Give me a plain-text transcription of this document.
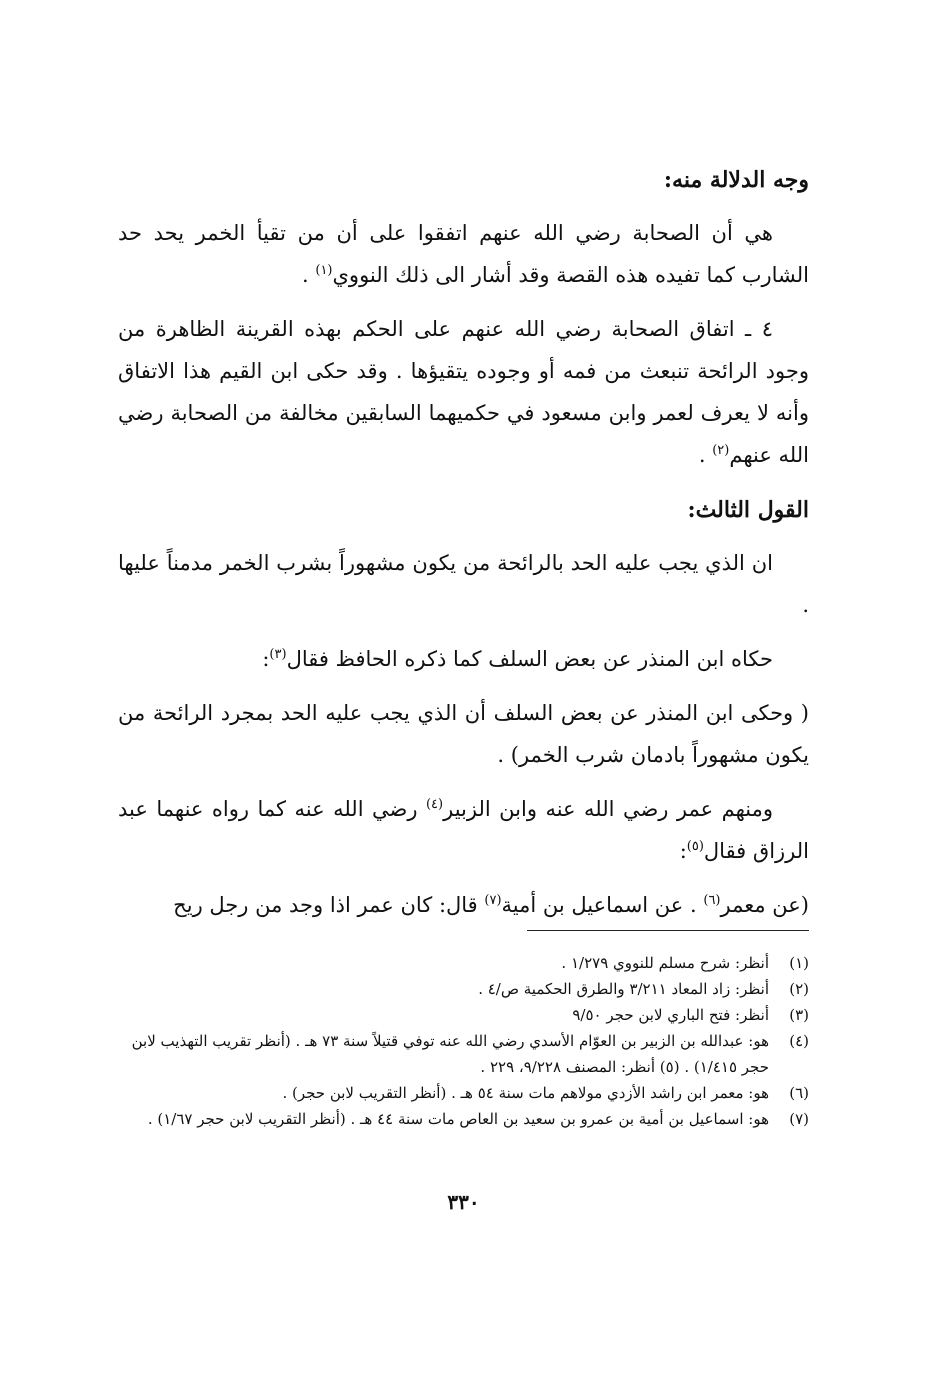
وجه الدلالة منه:

هي أن الصحابة رضي الله عنهم اتفقوا على أن من تقيأ الخمر يحد حد الشارب كما تفيده هذه القصة وقد أشار الى ذلك النووي$^{(١)}$ .

٤ ـ اتفاق الصحابة رضي الله عنهم على الحكم بهذه القرينة الظاهرة من وجود الرائحة تنبعث من فمه أو وجوده يتقيؤها . وقد حكى ابن القيم هذا الاتفاق وأنه لا يعرف لعمر وابن مسعود في حكميهما السابقين مخالفة من الصحابة رضي الله عنهم$^{(٢)}$ .

القول الثالث:

ان الذي يجب عليه الحد بالرائحة من يكون مشهوراً بشرب الخمر مدمناً عليها .

حكاه ابن المنذر عن بعض السلف كما ذكره الحافظ فقال$^{(٣)}$:

( وحكى ابن المنذر عن بعض السلف أن الذي يجب عليه الحد بمجرد الرائحة من يكون مشهوراً بادمان شرب الخمر) .

ومنهم عمر رضي الله عنه وابن الزبير$^{(٤)}$ رضي الله عنه كما رواه عنهما عبد الرزاق فقال$^{(٥)}$:

(عن معمر$^{(٦)}$ . عن اسماعيل بن أمية$^{(٧)}$ قال: كان عمر اذا وجد من رجل ريح

(١)
أنظر: شرح مسلم للنووي ١/٢٧٩ .
(٢)
أنظر: زاد المعاد ٣/٢١١ والطرق الحكمية ص/٤ .
(٣)
أنظر: فتح الباري لابن حجر ٩/٥٠
(٤)
هو: عبدالله بن الزبير بن العوّام الأسدي رضي الله عنه توفي قتيلاً سنة ٧٣ هـ . (أنظر تقريب التهذيب لابن حجر ١/٤١٥) . (٥) أنظر: المصنف ٩/٢٢٨، ٢٢٩ .
(٦)
هو: معمر ابن راشد الأزدي مولاهم مات سنة ٥٤ هـ . (أنظر التقريب لابن حجر) .
(٧)
هو: اسماعيل بن أمية بن عمرو بن سعيد بن العاص مات سنة ٤٤ هـ . (أنظر التقريب لابن حجر ١/٦٧) .
٣٣٠
